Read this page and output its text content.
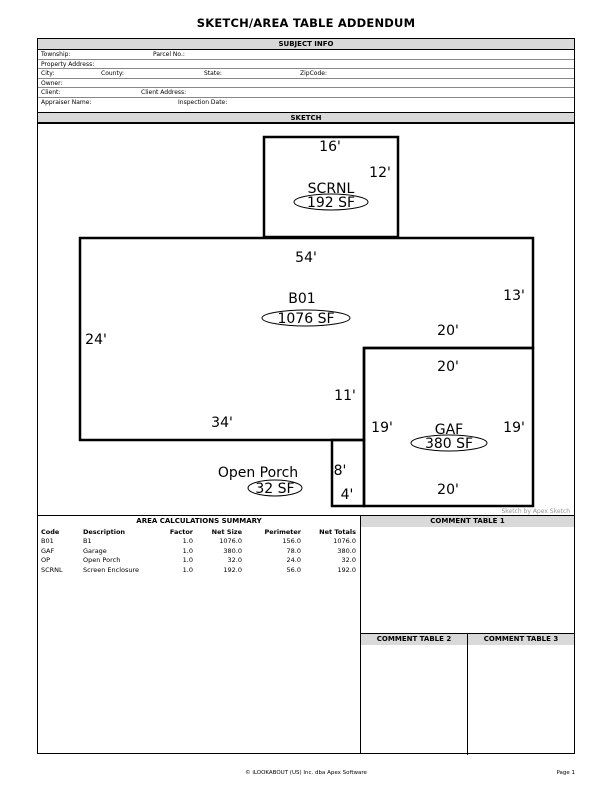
SKETCH/AREA TABLE ADDENDUM
SUBJECT INFO
Township:	Parcel No.:
Property Address:
City:	County:	State:	ZipCode:
Owner:
Client:	Client Address:
Appraiser Name:	Inspection Date:
SKETCH
16'
12'
SCRNL
192 SF
54'
13'
B01
1076 SF
20'
24'
11'
34'
20'
19'	19'
GAF
380 SF
20'
Open Porch
32 SF
8'
4'
Sketch by Apex Sketch
AREA CALCULATIONS SUMMARY
Code	Description	Factor	Net Size	Perimeter	Net Totals
B01	B1	1.0	1076.0	156.0	1076.0
GAF	Garage	1.0	380.0	78.0	380.0
OP	Open Porch	1.0	32.0	24.0	32.0
SCRNL	Screen Enclosure	1.0	192.0	56.0	192.0
COMMENT TABLE 1
COMMENT TABLE 2	COMMENT TABLE 3
© iLOOKABOUT (US) Inc. dba Apex Software	Page 1
